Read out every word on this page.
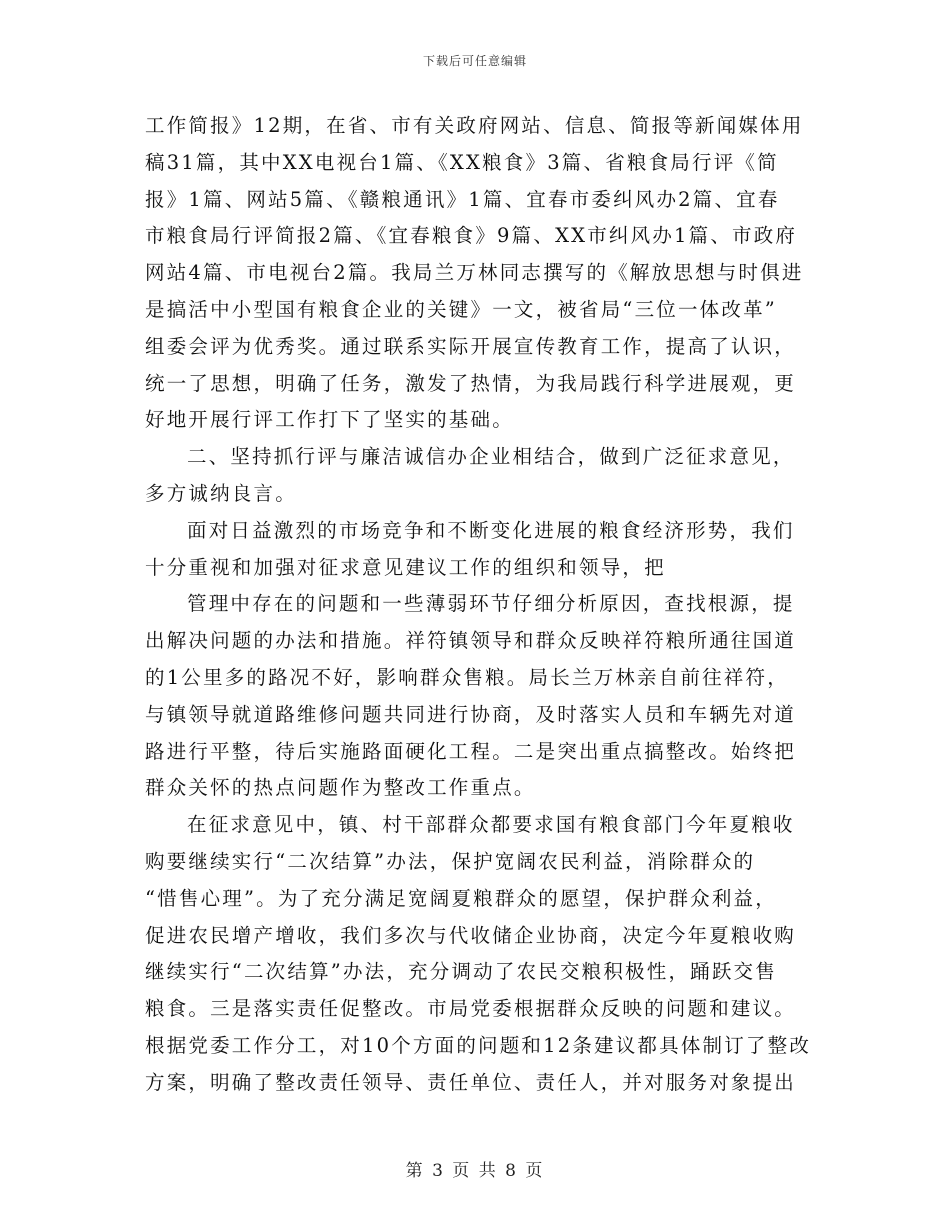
下载后可任意编辑
工作简报》12期，在省、市有关政府网站、信息、简报等新闻媒体用
稿31篇，其中XX电视台1篇、《XX粮食》3篇、省粮食局行评《简
报》1篇、网站5篇、《赣粮通讯》1篇、宜春市委纠风办2篇、宜春
市粮食局行评简报2篇、《宜春粮食》9篇、XX市纠风办1篇、市政府
网站4篇、市电视台2篇。我局兰万林同志撰写的《解放思想与时俱进
是搞活中小型国有粮食企业的关键》一文，被省局“三位一体改革”
组委会评为优秀奖。通过联系实际开展宣传教育工作，提高了认识，
统一了思想，明确了任务，激发了热情，为我局践行科学进展观，更
好地开展行评工作打下了坚实的基础。
二、坚持抓行评与廉洁诚信办企业相结合，做到广泛征求意见，
多方诚纳良言。
面对日益激烈的市场竞争和不断变化进展的粮食经济形势，我们
十分重视和加强对征求意见建议工作的组织和领导，把
管理中存在的问题和一些薄弱环节仔细分析原因，查找根源，提
出解决问题的办法和措施。祥符镇领导和群众反映祥符粮所通往国道
的1公里多的路况不好，影响群众售粮。局长兰万林亲自前往祥符，
与镇领导就道路维修问题共同进行协商，及时落实人员和车辆先对道
路进行平整，待后实施路面硬化工程。二是突出重点搞整改。始终把
群众关怀的热点问题作为整改工作重点。
在征求意见中，镇、村干部群众都要求国有粮食部门今年夏粮收
购要继续实行“二次结算”办法，保护宽阔农民利益，消除群众的
“惜售心理”。为了充分满足宽阔夏粮群众的愿望，保护群众利益，
促进农民增产增收，我们多次与代收储企业协商，决定今年夏粮收购
继续实行“二次结算”办法，充分调动了农民交粮积极性，踊跃交售
粮食。三是落实责任促整改。市局党委根据群众反映的问题和建议。
根据党委工作分工，对10个方面的问题和12条建议都具体制订了整改
方案，明确了整改责任领导、责任单位、责任人，并对服务对象提出
第 3 页 共 8 页
